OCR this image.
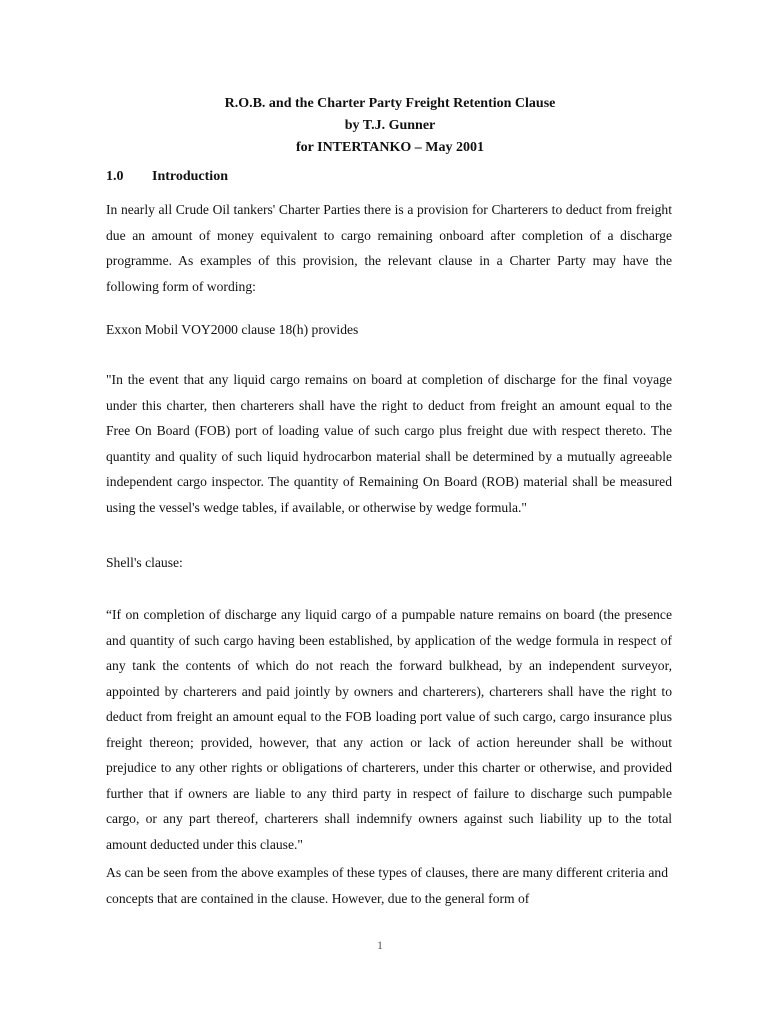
R.O.B. and the Charter Party Freight Retention Clause
by T.J. Gunner
for INTERTANKO – May 2001
1.0 Introduction

In nearly all Crude Oil tankers' Charter Parties there is a provision for Charterers to deduct from freight due an amount of money equivalent to cargo remaining onboard after completion of a discharge programme. As examples of this provision, the relevant clause in a Charter Party may have the following form of wording:

Exxon Mobil VOY2000 clause 18(h) provides

"In the event that any liquid cargo remains on board at completion of discharge for the final voyage under this charter, then charterers shall have the right to deduct from freight an amount equal to the Free On Board (FOB) port of loading value of such cargo plus freight due with respect thereto. The quantity and quality of such liquid hydrocarbon material shall be determined by a mutually agreeable independent cargo inspector. The quantity of Remaining On Board (ROB) material shall be measured using the vessel's wedge tables, if available, or otherwise by wedge formula."

Shell's clause:

“If on completion of discharge any liquid cargo of a pumpable nature remains on board (the presence and quantity of such cargo having been established, by application of the wedge formula in respect of any tank the contents of which do not reach the forward bulkhead, by an independent surveyor, appointed by charterers and paid jointly by owners and charterers), charterers shall have the right to deduct from freight an amount equal to the FOB loading port value of such cargo, cargo insurance plus freight thereon; provided, however, that any action or lack of action hereunder shall be without prejudice to any other rights or obligations of charterers, under this charter or otherwise, and provided further that if owners are liable to any third party in respect of failure to discharge such pumpable cargo, or any part thereof, charterers shall indemnify owners against such liability up to the total amount deducted under this clause."

As can be seen from the above examples of these types of clauses, there are many different criteria and concepts that are contained in the clause. However, due to the general form of

1
